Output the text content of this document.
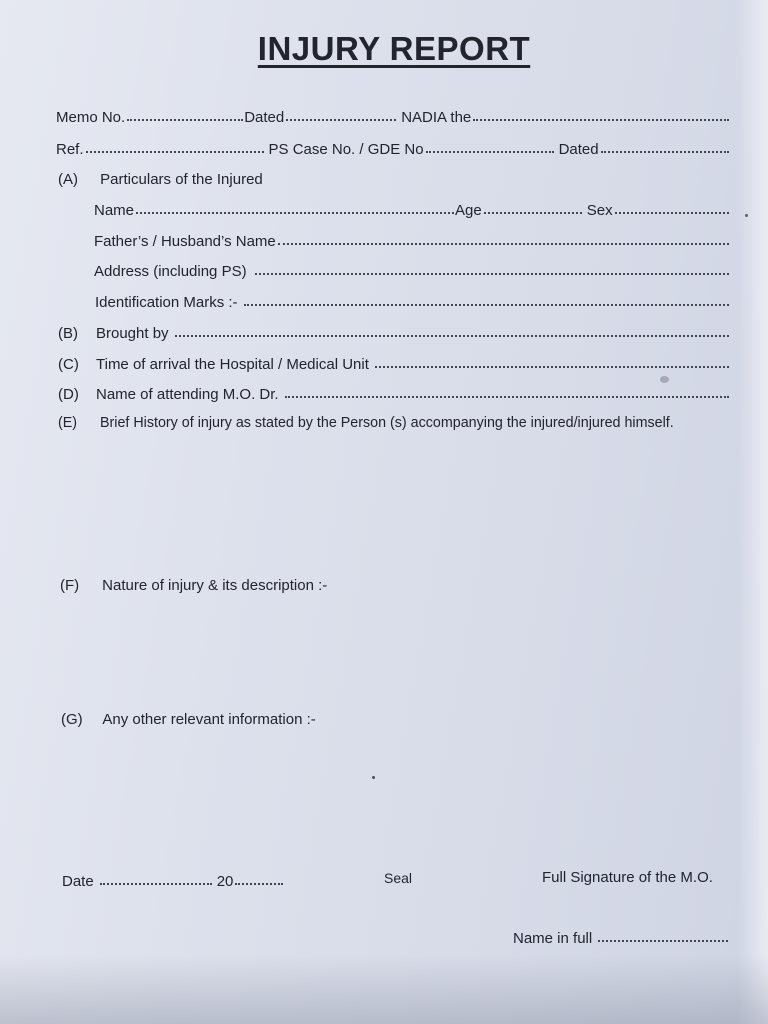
INJURY REPORT
Memo No.	Dated	NADIA the
Ref.	PS Case No. / GDE No	Dated
(A) Particulars of the Injured
Name	Age	Sex
Father’s / Husband’s Name
Address (including PS)
Identification Marks :-
(B)	Brought by
(C)	Time of arrival the Hospital / Medical Unit
(D)	Name of attending M.O. Dr.
(E) Brief History of injury as stated by the Person (s) accompanying the injured/injured himself.
(F) Nature of injury & its description :-
(G) Any other relevant information :-
Date	20	Seal	Full Signature of the M.O.
Name in full
